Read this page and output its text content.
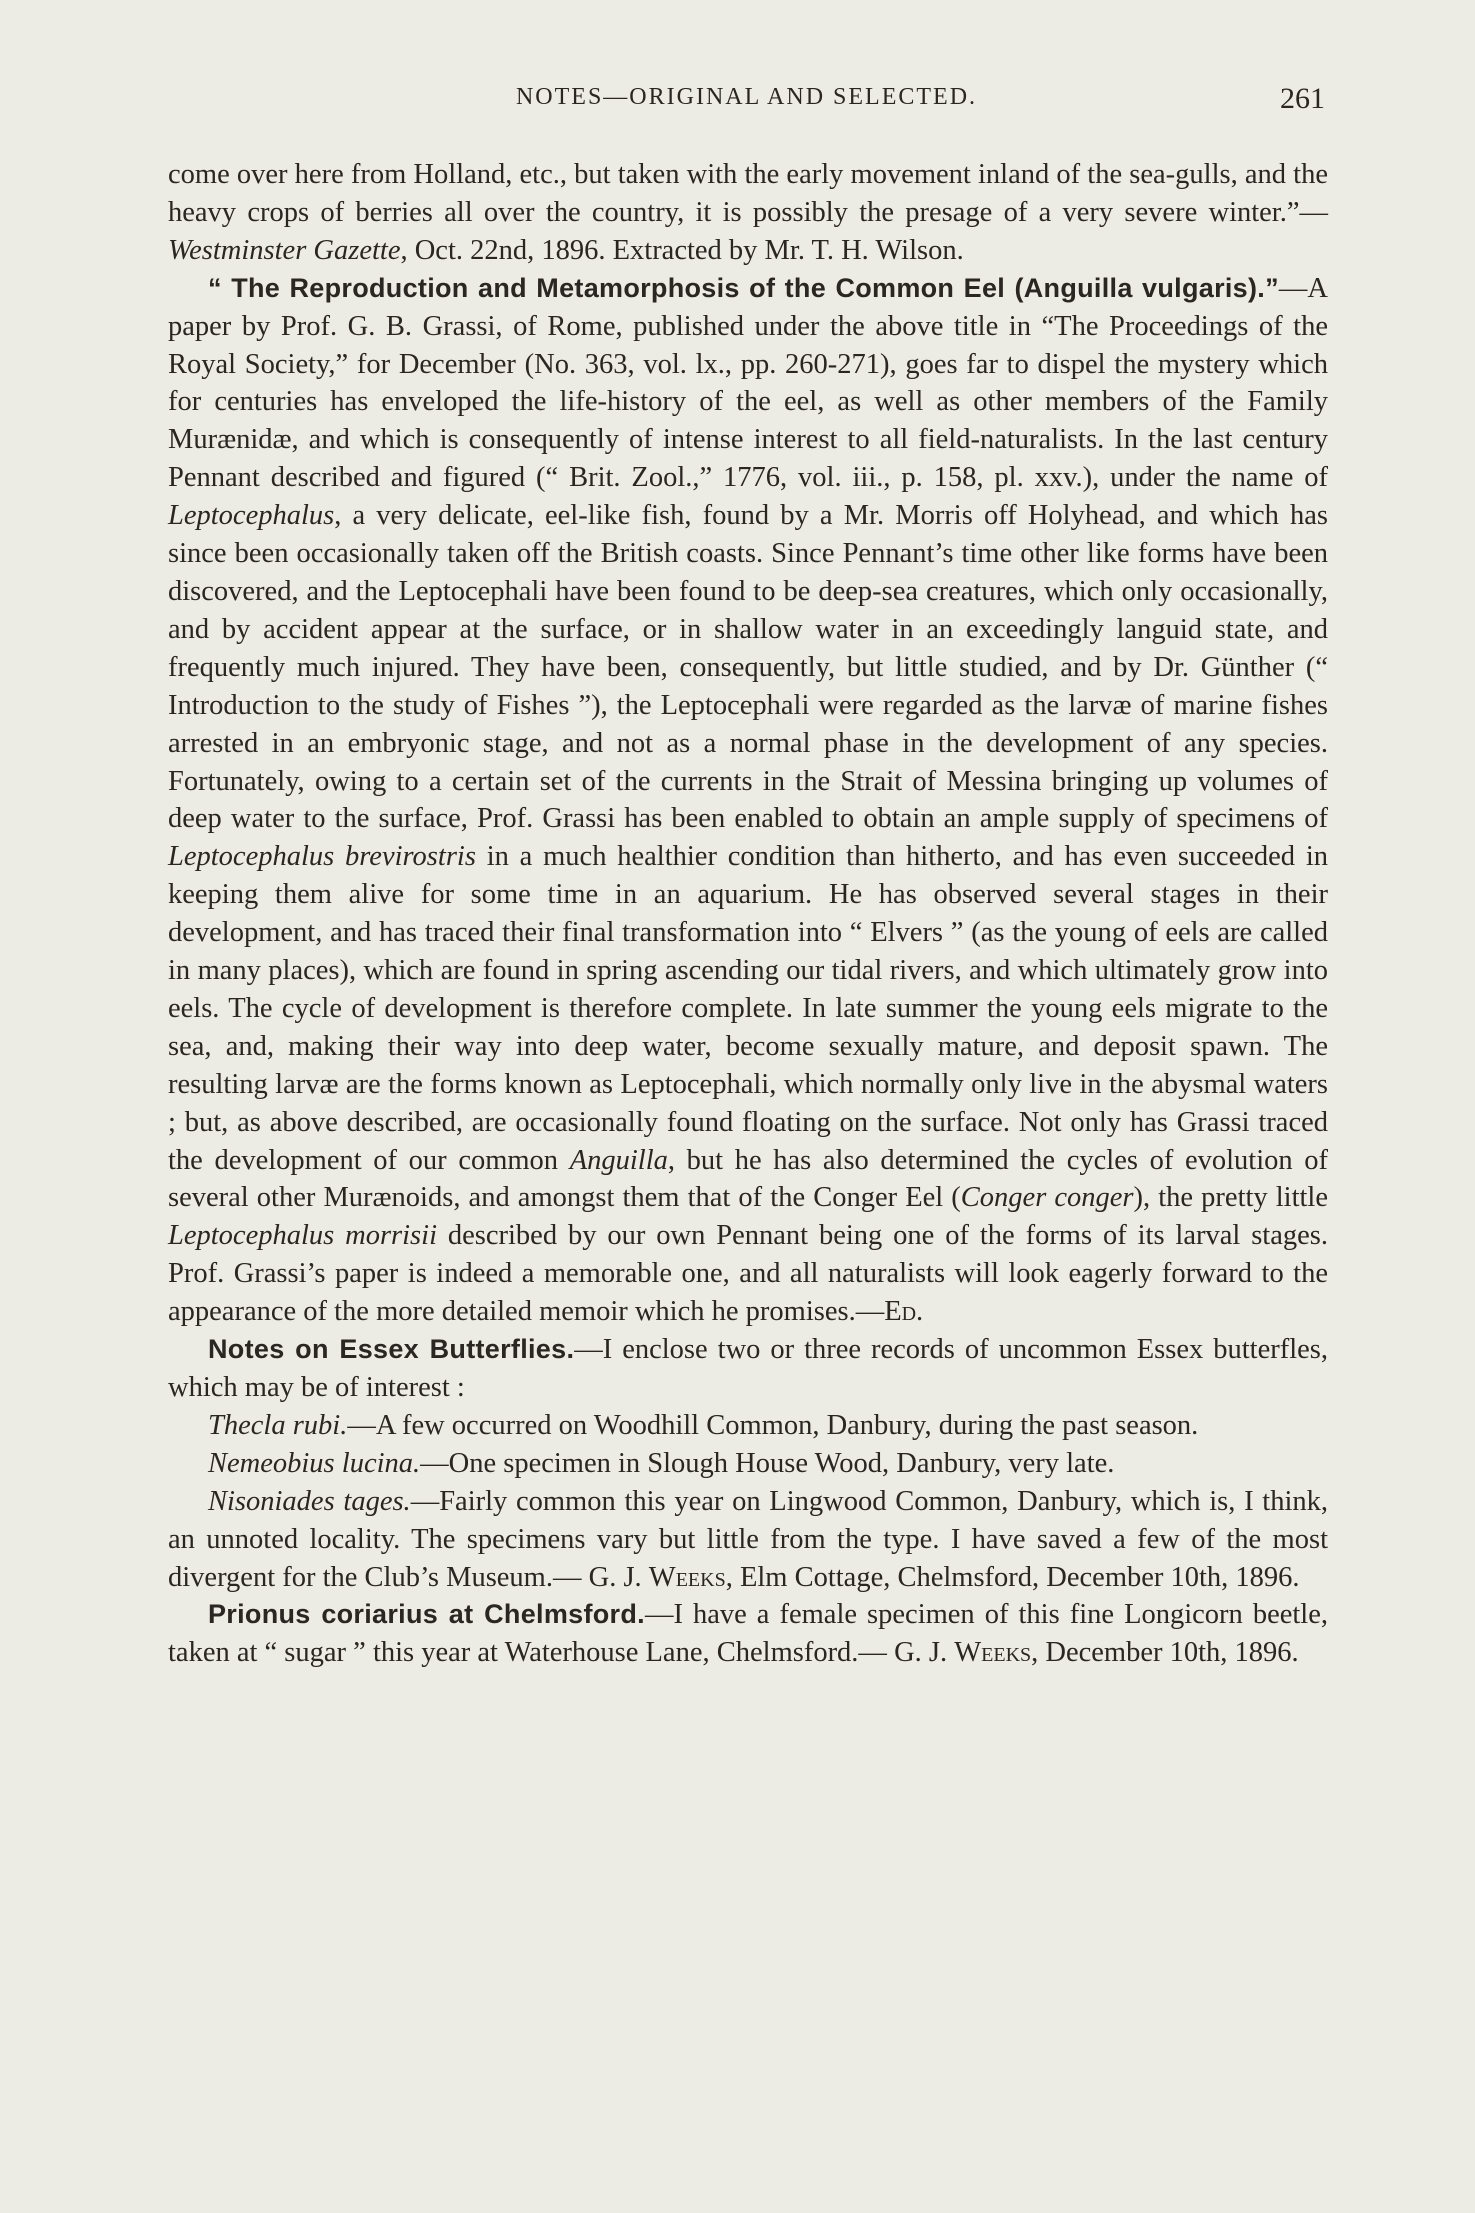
NOTES—ORIGINAL AND SELECTED.	261

come over here from Holland, etc., but taken with the early movement inland of the sea-gulls, and the heavy crops of berries all over the country, it is possibly the presage of a very severe winter.”—Westminster Gazette, Oct. 22nd, 1896. Extracted by Mr. T. H. Wilson.

“ The Reproduction and Metamorphosis of the Common Eel (Anguilla vulgaris).”—A paper by Prof. G. B. Grassi, of Rome, published under the above title in “The Proceedings of the Royal Society,” for December (No. 363, vol. lx., pp. 260-271), goes far to dispel the mystery which for centuries has enveloped the life-history of the eel, as well as other members of the Family Murænidæ, and which is consequently of intense interest to all field-naturalists. In the last century Pennant described and figured (“ Brit. Zool.,” 1776, vol. iii., p. 158, pl. xxv.), under the name of Leptocephalus, a very delicate, eel-like fish, found by a Mr. Morris off Holyhead, and which has since been occasionally taken off the British coasts. Since Pennant’s time other like forms have been discovered, and the Leptocephali have been found to be deep-sea creatures, which only occasionally, and by accident appear at the surface, or in shallow water in an exceedingly languid state, and frequently much injured. They have been, consequently, but little studied, and by Dr. Günther (“ Introduction to the study of Fishes ”), the Leptocephali were regarded as the larvæ of marine fishes arrested in an embryonic stage, and not as a normal phase in the development of any species. Fortunately, owing to a certain set of the currents in the Strait of Messina bringing up volumes of deep water to the surface, Prof. Grassi has been enabled to obtain an ample supply of specimens of Leptocephalus brevirostris in a much healthier condition than hitherto, and has even succeeded in keeping them alive for some time in an aquarium. He has observed several stages in their development, and has traced their final transformation into “ Elvers ” (as the young of eels are called in many places), which are found in spring ascending our tidal rivers, and which ultimately grow into eels. The cycle of development is therefore complete. In late summer the young eels migrate to the sea, and, making their way into deep water, become sexually mature, and deposit spawn. The resulting larvæ are the forms known as Leptocephali, which normally only live in the abysmal waters ; but, as above described, are occasionally found floating on the surface. Not only has Grassi traced the development of our common Anguilla, but he has also determined the cycles of evolution of several other Murænoids, and amongst them that of the Conger Eel (Conger conger), the pretty little Leptocephalus morrisii described by our own Pennant being one of the forms of its larval stages. Prof. Grassi’s paper is indeed a memorable one, and all naturalists will look eagerly forward to the appearance of the more detailed memoir which he promises.—Ed.

Notes on Essex Butterflies.—I enclose two or three records of uncommon Essex butterfles, which may be of interest :

Thecla rubi.—A few occurred on Woodhill Common, Danbury, during the past season.

Nemeobius lucina.—One specimen in Slough House Wood, Danbury, very late.

Nisoniades tages.—Fairly common this year on Lingwood Common, Danbury, which is, I think, an unnoted locality. The specimens vary but little from the type. I have saved a few of the most divergent for the Club’s Museum.— G. J. Weeks, Elm Cottage, Chelmsford, December 10th, 1896.

Prionus coriarius at Chelmsford.—I have a female specimen of this fine Longicorn beetle, taken at “ sugar ” this year at Waterhouse Lane, Chelmsford.— G. J. Weeks, December 10th, 1896.
